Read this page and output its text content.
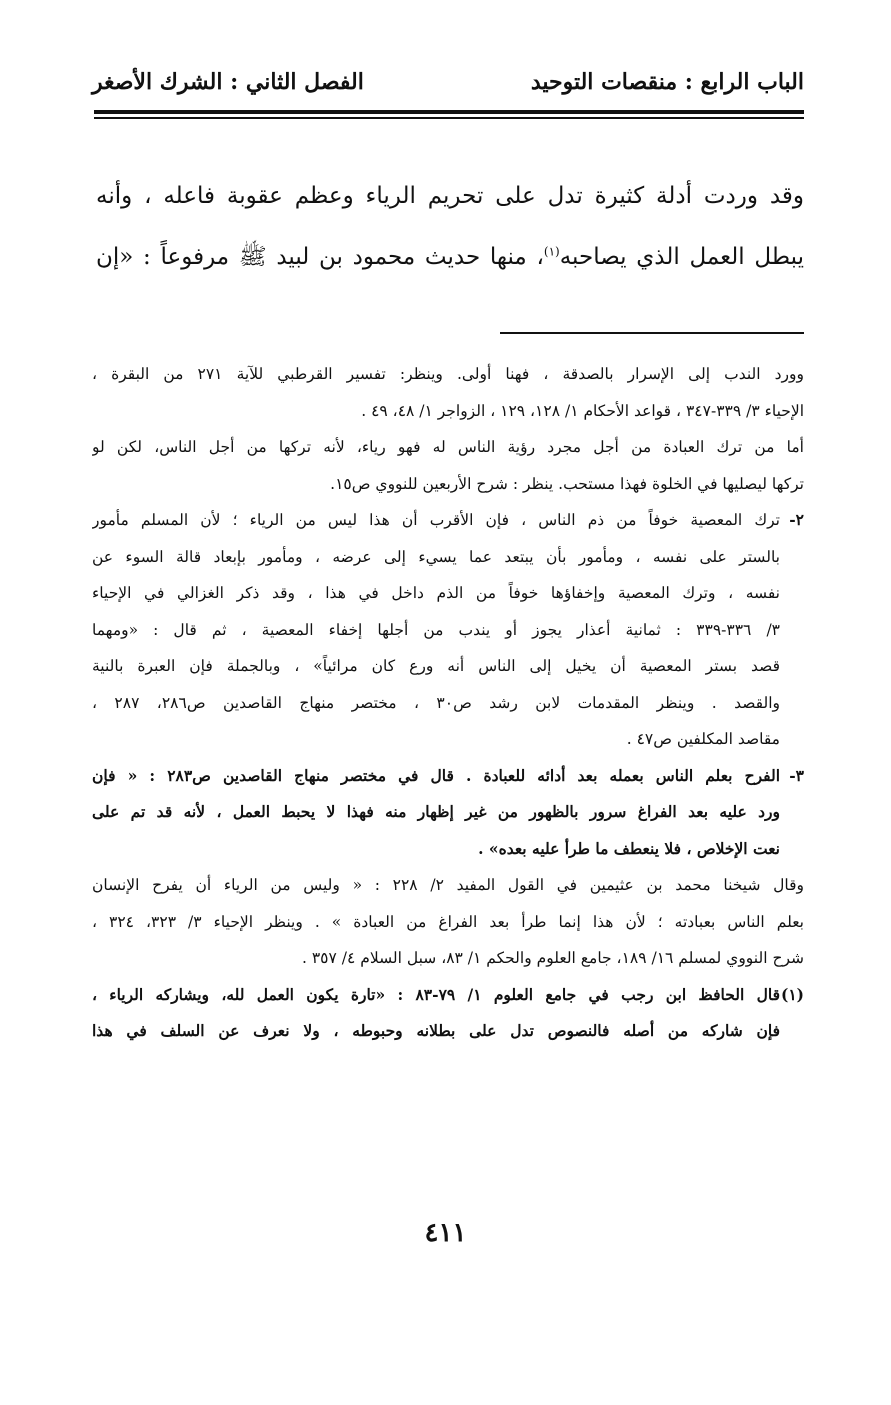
الباب الرابع : منقصات التوحيد
الفصل الثاني : الشرك الأصغر

وقد وردت أدلة كثيرة تدل على تحريم الرياء وعظم عقوبة فاعله ، وأنه

يبطل العمل الذي يصاحبه$^{(١)}$، منها حديث محمود بن لبيد ﷺ مرفوعاً : «إن

وورد الندب إلى الإسرار بالصدقة ، فهنا أولى. وينظر: تفسير القرطبي للآية ٢٧١ من البقرة ،

الإحياء ٣/ ٣٣٩-٣٤٧ ، قواعد الأحكام ١/ ١٢٨، ١٢٩ ، الزواجر ١/ ٤٨، ٤٩ .

أما من ترك العبادة من أجل مجرد رؤية الناس له فهو رياء، لأنه تركها من أجل الناس، لكن لو

تركها ليصليها في الخلوة فهذا مستحب. ينظر : شرح الأربعين للنووي ص١٥.

٢-

ترك المعصية خوفاً من ذم الناس ، فإن الأقرب أن هذا ليس من الرياء ؛ لأن المسلم مأمور

بالستر على نفسه ، ومأمور بأن يبتعد عما يسيء إلى عرضه ، ومأمور بإبعاد قالة السوء عن

نفسه ، وترك المعصية وإخفاؤها خوفاً من الذم داخل في هذا ، وقد ذكر الغزالي في الإحياء

٣/ ٣٣٦-٣٣٩ : ثمانية أعذار يجوز أو يندب من أجلها إخفاء المعصية ، ثم قال : «ومهما

قصد بستر المعصية أن يخيل إلى الناس أنه ورع كان مرائياً» ، وبالجملة فإن العبرة بالنية

والقصد . وينظر المقدمات لابن رشد ص٣٠ ، مختصر منهاج القاصدين ص٢٨٦، ٢٨٧ ،

مقاصد المكلفين ص٤٧ .

٣-

الفرح بعلم الناس بعمله بعد أدائه للعبادة . قال في مختصر منهاج القاصدين ص٢٨٣ : « فإن

ورد عليه بعد الفراغ سرور بالظهور من غير إظهار منه فهذا لا يحبط العمل ، لأنه قد تم على

نعت الإخلاص ، فلا ينعطف ما طرأ عليه بعده» .

وقال شيخنا محمد بن عثيمين في القول المفيد ٢/ ٢٢٨ : « وليس من الرياء أن يفرح الإنسان

بعلم الناس بعبادته ؛ لأن هذا إنما طرأ بعد الفراغ من العبادة » . وينظر الإحياء ٣/ ٣٢٣، ٣٢٤ ،

شرح النووي لمسلم ١٦/ ١٨٩، جامع العلوم والحكم ١/ ٨٣، سبل السلام ٤/ ٣٥٧ .

(١)

قال الحافظ ابن رجب في جامع العلوم ١/ ٧٩-٨٣ : «تارة يكون العمل لله، ويشاركه الرياء ،

فإن شاركه من أصله فالنصوص تدل على بطلانه وحبوطه ، ولا نعرف عن السلف في هذا

٤١١
